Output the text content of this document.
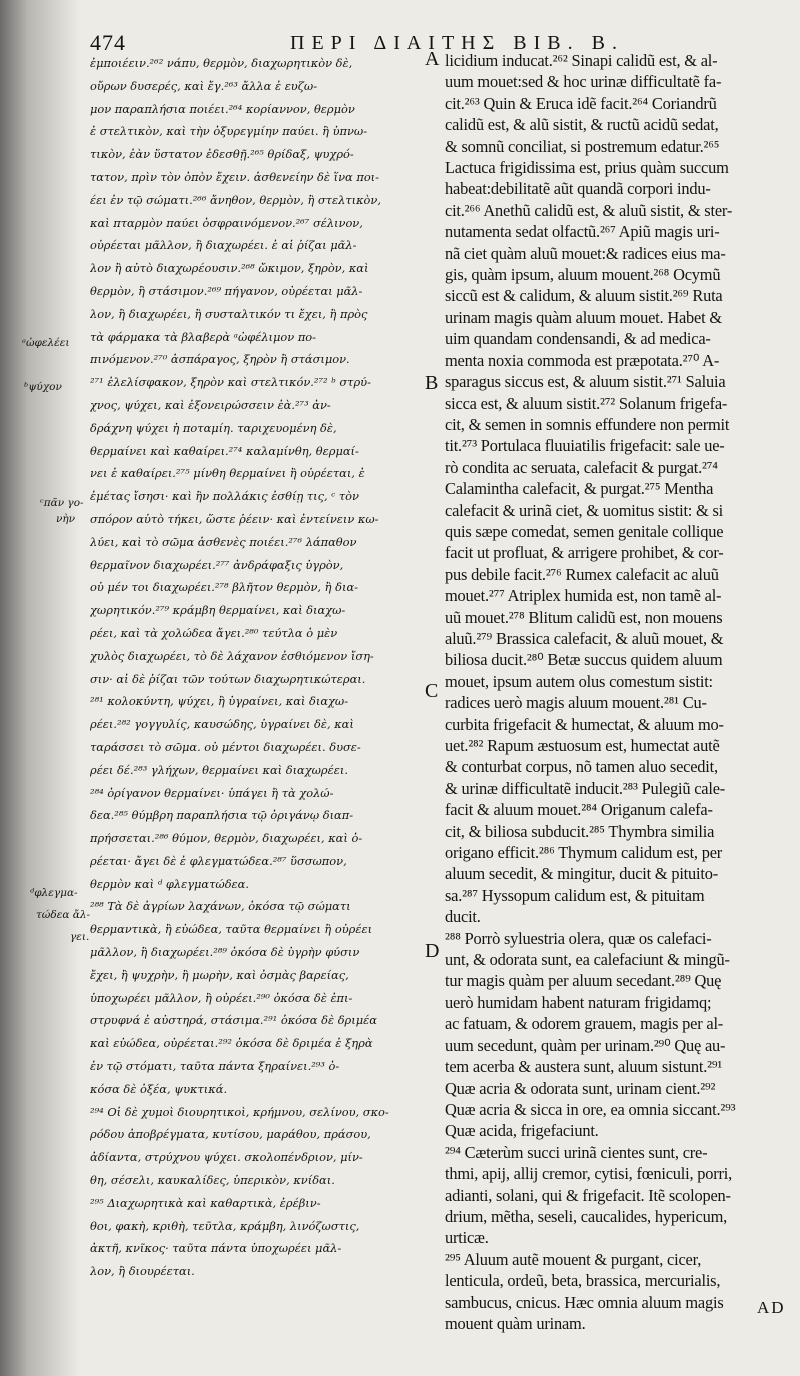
474	ΠΕΡΙ ΔΙΑΙΤΗΣ ΒΙΒ. Β.
ᵃὠφελέει
ᵇψύχον
ᶜπᾶν γο-
νὴν
ᵈφλεγμα-
τώδεα ἄλ-
γει.
A
B
C
D
ἐμποιέειν.²⁶² νάπυ, θερμὸν, διαχωρητικὸν δὲ,
οὔρων δυσερές, καὶ ἔγ.²⁶³ ἄλλα ἐ ευζω-
μον παραπλήσια ποιέει.²⁶⁴ κορίαννον, θερμὸν
ἐ στελτικὸν, καὶ τὴν ὀξυρεγμίην παύει. ἢ ὑπνω-
τικὸν, ἐὰν ὕστατον ἐδεσθῇ.²⁶⁵ θρίδαξ, ψυχρό-
τατον, πρὶν τὸν ὀπὸν ἔχειν. ἀσθενείην δὲ ἵνα ποι-
έει ἐν τῷ σώματι.²⁶⁶ ἄνηθον, θερμὸν, ἢ στελτικὸν,
καὶ πταρμὸν παύει ὀσφραινόμενον.²⁶⁷ σέλινον,
οὐρέεται μᾶλλον, ἢ διαχωρέει. ἐ αἱ ῥίζαι μᾶλ-
λον ἢ αὐτὸ διαχωρέουσιν.²⁶⁸ ὤκιμον, ξηρὸν, καὶ
θερμὸν, ἢ στάσιμον.²⁶⁹ πήγανον, οὐρέεται μᾶλ-
λον, ἢ διαχωρέει, ἢ συσταλτικόν τι ἔχει, ἢ πρὸς
τὰ φάρμακα τὰ βλαβερὰ ᵃὠφέλιμον πο-
πινόμενον.²⁷⁰ ἀσπάραγος, ξηρὸν ἢ στάσιμον.
²⁷¹ ἐλελίσφακον, ξηρὸν καὶ στελτικόν.²⁷² ᵇ στρύ-
χνος, ψύχει, καὶ ἐξονειρώσσειν ἐὰ.²⁷³ ἀν-
δράχνη ψύχει ἡ ποταμίη. ταριχευομένη δὲ,
θερμαίνει καὶ καθαίρει.²⁷⁴ καλαμίνθη, θερμαί-
νει ἐ καθαίρει.²⁷⁵ μίνθη θερμαίνει ἢ οὐρέεται, ἐ
ἐμέτας ἴσησι· καὶ ἢν πολλάκις ἐσθίῃ τις, ᶜ τὸν
σπόρον αὐτὸ τήκει, ὥστε ῥέειν· καὶ ἐντείνειν κω-
λύει, καὶ τὸ σῶμα ἀσθενὲς ποιέει.²⁷⁶ λάπαθον
θερμαῖνον διαχωρέει.²⁷⁷ ἀνδράφαξις ὑγρὸν,
οὐ μέν τοι διαχωρέει.²⁷⁸ βλῆτον θερμὸν, ἢ δια-
χωρητικόν.²⁷⁹ κράμβη θερμαίνει, καὶ διαχω-
ρέει, καὶ τὰ χολώδεα ἄγει.²⁸⁰ τεύτλα ὁ μὲν
χυλὸς διαχωρέει, τὸ δὲ λάχανον ἐσθιόμενον ἴση-
σιν· αἱ δὲ ῥίζαι τῶν τούτων διαχωρητικώτεραι.
²⁸¹ κολοκύντη, ψύχει, ἢ ὑγραίνει, καὶ διαχω-
ρέει.²⁸² γογγυλίς, καυσώδης, ὑγραίνει δὲ, καὶ
ταράσσει τὸ σῶμα. οὐ μέντοι διαχωρέει. δυσε-
ρέει δέ.²⁸³ γλήχων, θερμαίνει καὶ διαχωρέει.
²⁸⁴ ὀρίγανον θερμαίνει· ὑπάγει ἢ τὰ χολώ-
δεα.²⁸⁵ θύμβρη παραπλήσια τῷ ὀριγάνῳ διαπ-
πρήσσεται.²⁸⁶ θύμον, θερμὸν, διαχωρέει, καὶ ὀ-
ρέεται· ἄγει δὲ ἐ φλεγματώδεα.²⁸⁷ ὕσσωπον,
θερμὸν καὶ ᵈ φλεγματώδεα.
²⁸⁸ Τὰ δὲ ἀγρίων λαχάνων, ὁκόσα τῷ σώματι
θερμαντικὰ, ἢ εὐώδεα, ταῦτα θερμαίνει ἢ οὐρέει
μᾶλλον, ἢ διαχωρέει.²⁸⁹ ὁκόσα δὲ ὑγρὴν φύσιν
ἔχει, ἢ ψυχρὴν, ἢ μωρὴν, καὶ ὀσμὰς βαρείας,
ὑποχωρέει μᾶλλον, ἢ οὐρέει.²⁹⁰ ὁκόσα δὲ ἐπι-
στρυφνά ἐ αὐστηρά, στάσιμα.²⁹¹ ὁκόσα δὲ δριμέα
καὶ εὐώδεα, οὐρέεται.²⁹² ὁκόσα δὲ δριμέα ἐ ξηρὰ
ἐν τῷ στόματι, ταῦτα πάντα ξηραίνει.²⁹³ ὁ-
κόσα δὲ ὀξέα, ψυκτικά.
²⁹⁴ Οἱ δὲ χυμοὶ διουρητικοὶ, κρήμνου, σελίνου, σκο-
ρόδου ἀποβρέγματα, κυτίσου, μαράθου, πράσου,
ἀδίαντα, στρύχνου ψύχει. σκολοπένδριον, μίν-
θη, σέσελι, καυκαλίδες, ὑπερικὸν, κνίδαι.
²⁹⁵ Διαχωρητικὰ καὶ καθαρτικὰ, ἐρέβιν-
θοι, φακὴ, κριθὴ, τεῦτλα, κράμβη, λινόζωστις,
ἀκτῆ, κνῖκος· ταῦτα πάντα ὑποχωρέει μᾶλ-
λον, ἢ διουρέεται.
licidium inducat.²⁶² Sinapi calidũ est, & al-
uum mouet:sed & hoc urinæ difficultatẽ fa-
cit.²⁶³ Quin & Eruca idẽ facit.²⁶⁴ Coriandrũ
calidũ est, & alũ sistit, & ructũ acidũ sedat,
& somnũ conciliat, si postremum edatur.²⁶⁵
Lactuca frigidissima est, prius quàm succum
habeat:debilitatẽ aũt quandã corpori indu-
cit.²⁶⁶ Anethũ calidũ est, & aluũ sistit, & ster-
nutamenta sedat olfactũ.²⁶⁷ Apiũ magis uri-
nã ciet quàm aluũ mouet:& radices eius ma-
gis, quàm ipsum, aluum mouent.²⁶⁸ Ocymũ
siccũ est & calidum, & aluum sistit.²⁶⁹ Ruta
urinam magis quàm aluum mouet. Habet &
uim quandam condensandi, & ad medica-
menta noxia commoda est præpotata.²⁷⁰ A-
sparagus siccus est, & aluum sistit.²⁷¹ Saluia
sicca est, & aluum sistit.²⁷² Solanum frigefa-
cit, & semen in somnis effundere non permit
tit.²⁷³ Portulaca fluuiatilis frigefacit: sale ue-
rò condita ac seruata, calefacit & purgat.²⁷⁴
Calamintha calefacit, & purgat.²⁷⁵ Mentha
calefacit & urinã ciet, & uomitus sistit: & si
quis sæpe comedat, semen genitale collique
facit ut profluat, & arrigere prohibet, & cor-
pus debile facit.²⁷⁶ Rumex calefacit ac aluũ
mouet.²⁷⁷ Atriplex humida est, non tamẽ al-
uũ mouet.²⁷⁸ Blitum calidũ est, non mouens
aluũ.²⁷⁹ Brassica calefacit, & aluũ mouet, &
biliosa ducit.²⁸⁰ Betæ succus quidem aluum
mouet, ipsum autem olus comestum sistit:
radices uerò magis aluum mouent.²⁸¹ Cu-
curbita frigefacit & humectat, & aluum mo-
uet.²⁸² Rapum æstuosum est, humectat autẽ
& conturbat corpus, nõ tamen aluo secedit,
& urinæ difficultatẽ inducit.²⁸³ Pulegiũ cale-
facit & aluum mouet.²⁸⁴ Origanum calefa-
cit, & biliosa subducit.²⁸⁵ Thymbra similia
origano efficit.²⁸⁶ Thymum calidum est, per
aluum secedit, & mingitur, ducit & pituito-
sa.²⁸⁷ Hyssopum calidum est, & pituitam
ducit.
²⁸⁸ Porrò syluestria olera, quæ os calefaci-
unt, & odorata sunt, ea calefaciunt & mingũ-
tur magis quàm per aluum secedant.²⁸⁹ Quę
uerò humidam habent naturam frigidamq;
ac fatuam, & odorem grauem, magis per al-
uum secedunt, quàm per urinam.²⁹⁰ Quę au-
tem acerba & austera sunt, aluum sistunt.²⁹¹
Quæ acria & odorata sunt, urinam cient.²⁹²
Quæ acria & sicca in ore, ea omnia siccant.²⁹³
Quæ acida, frigefaciunt.
²⁹⁴ Cæterùm succi urinã cientes sunt, cre-
thmi, apij, allij cremor, cytisi, fœniculi, porri,
adianti, solani, qui & frigefacit. Itẽ scolopen-
drium, mẽtha, seseli, caucalides, hypericum,
urticæ.
²⁹⁵ Aluum autẽ mouent & purgant, cicer,
lenticula, ordeũ, beta, brassica, mercurialis,
sambucus, cnicus. Hæc omnia aluum magis
mouent quàm urinam.
AD
